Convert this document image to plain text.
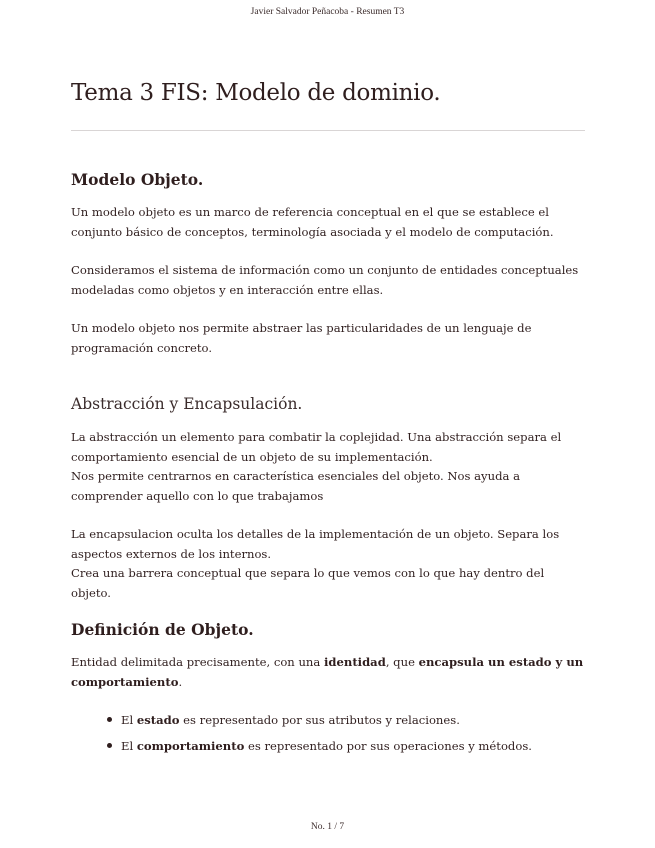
Javier Salvador Peñacoba - Resumen T3
Tema 3 FIS: Modelo de dominio.
Modelo Objeto.

Un modelo objeto es un marco de referencia conceptual en el que se establece el conjunto básico de conceptos, terminología asociada y el modelo de computación.

Consideramos el sistema de información como un conjunto de entidades conceptuales modeladas como objetos y en interacción entre ellas.

Un modelo objeto nos permite abstraer las particularidades de un lenguaje de programación concreto.

Abstracción y Encapsulación.
La abstracción un elemento para combatir la coplejidad. Una abstracción separa el comportamiento esencial de un objeto de su implementación.
Nos permite centrarnos en característica esenciales del objeto. Nos ayuda a comprender aquello con lo que trabajamos
La encapsulacion oculta los detalles de la implementación de un objeto. Separa los aspectos externos de los internos.
Crea una barrera conceptual que separa lo que vemos con lo que hay dentro del objeto.
Definición de Objeto.

Entidad delimitada precisamente, con una identidad, que encapsula un estado y un comportamiento.

El estado es representado por sus atributos y relaciones.
El comportamiento es representado por sus operaciones y métodos.
No. 1 / 7
